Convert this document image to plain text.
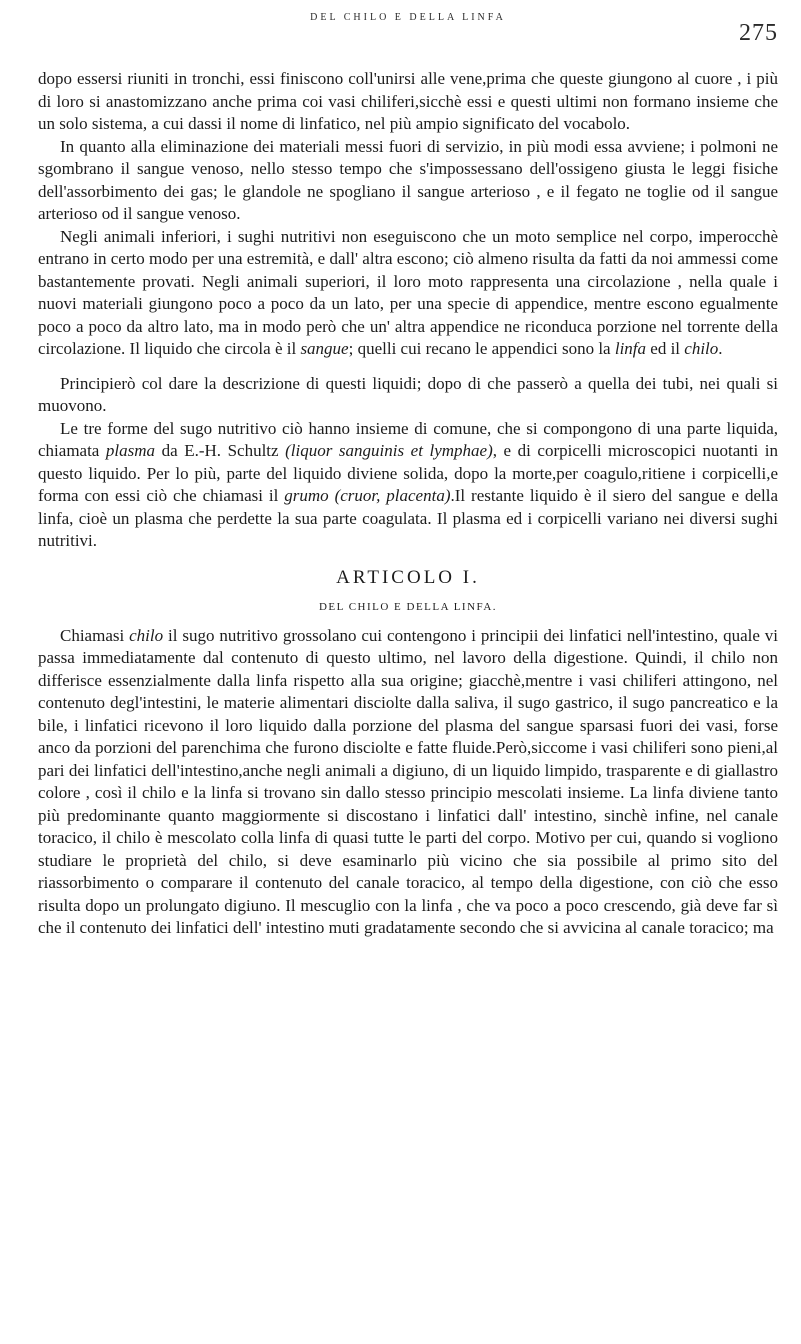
DEL CHILO E DELLA LINFA
275

dopo essersi riuniti in tronchi, essi finiscono coll'unirsi alle vene,prima che queste giungono al cuore , i più di loro si anastomizzano anche prima coi vasi chiliferi,sicchè essi e questi ultimi non formano insieme che un solo sistema, a cui dassi il nome di linfatico, nel più ampio significato del vocabolo.

In quanto alla eliminazione dei materiali messi fuori di servizio, in più modi essa avviene; i polmoni ne sgombrano il sangue venoso, nello stesso tempo che s'impossessano dell'ossigeno giusta le leggi fisiche dell'assorbimento dei gas; le glandole ne spogliano il sangue arterioso , e il fegato ne toglie od il sangue arterioso od il sangue venoso.

Negli animali inferiori, i sughi nutritivi non eseguiscono che un moto semplice nel corpo, imperocchè entrano in certo modo per una estremità, e dall' altra escono; ciò almeno risulta da fatti da noi ammessi come bastantemente provati. Negli animali superiori, il loro moto rappresenta una circolazione , nella quale i nuovi materiali giungono poco a poco da un lato, per una specie di appendice, mentre escono egualmente poco a poco da altro lato, ma in modo però che un' altra appendice ne riconduca porzione nel torrente della circolazione. Il liquido che circola è il sangue; quelli cui recano le appendici sono la linfa ed il chilo.

Principierò col dare la descrizione di questi liquidi; dopo di che passerò a quella dei tubi, nei quali si muovono.

Le tre forme del sugo nutritivo ciò hanno insieme di comune, che si compongono di una parte liquida, chiamata plasma da E.-H. Schultz (liquor sanguinis et lymphae), e di corpicelli microscopici nuotanti in questo liquido. Per lo più, parte del liquido diviene solida, dopo la morte,per coagulo,ritiene i corpicelli,e forma con essi ciò che chiamasi il grumo (cruor, placenta).Il restante liquido è il siero del sangue e della linfa, cioè un plasma che perdette la sua parte coagulata. Il plasma ed i corpicelli variano nei diversi sughi nutritivi.

ARTICOLO I.
DEL CHILO E DELLA LINFA.

Chiamasi chilo il sugo nutritivo grossolano cui contengono i principii dei linfatici nell'intestino, quale vi passa immediatamente dal contenuto di questo ultimo, nel lavoro della digestione. Quindi, il chilo non differisce essenzialmente dalla linfa rispetto alla sua origine; giacchè,mentre i vasi chiliferi attingono, nel contenuto degl'intestini, le materie alimentari disciolte dalla saliva, il sugo gastrico, il sugo pancreatico e la bile, i linfatici ricevono il loro liquido dalla porzione del plasma del sangue sparsasi fuori dei vasi, forse anco da porzioni del parenchima che furono disciolte e fatte fluide.Però,siccome i vasi chiliferi sono pieni,al pari dei linfatici dell'intestino,anche negli animali a digiuno, di un liquido limpido, trasparente e di giallastro colore , così il chilo e la linfa si trovano sin dallo stesso principio mescolati insieme. La linfa diviene tanto più predominante quanto maggiormente si discostano i linfatici dall' intestino, sinchè infine, nel canale toracico, il chilo è mescolato colla linfa di quasi tutte le parti del corpo. Motivo per cui, quando si vogliono studiare le proprietà del chilo, si deve esaminarlo più vicino che sia possibile al primo sito del riassorbimento o comparare il contenuto del canale toracico, al tempo della digestione, con ciò che esso risulta dopo un prolungato digiuno. Il mescuglio con la linfa , che va poco a poco crescendo, già deve far sì che il contenuto dei linfatici dell' intestino muti gradatamente secondo che si avvicina al canale toracico; ma
